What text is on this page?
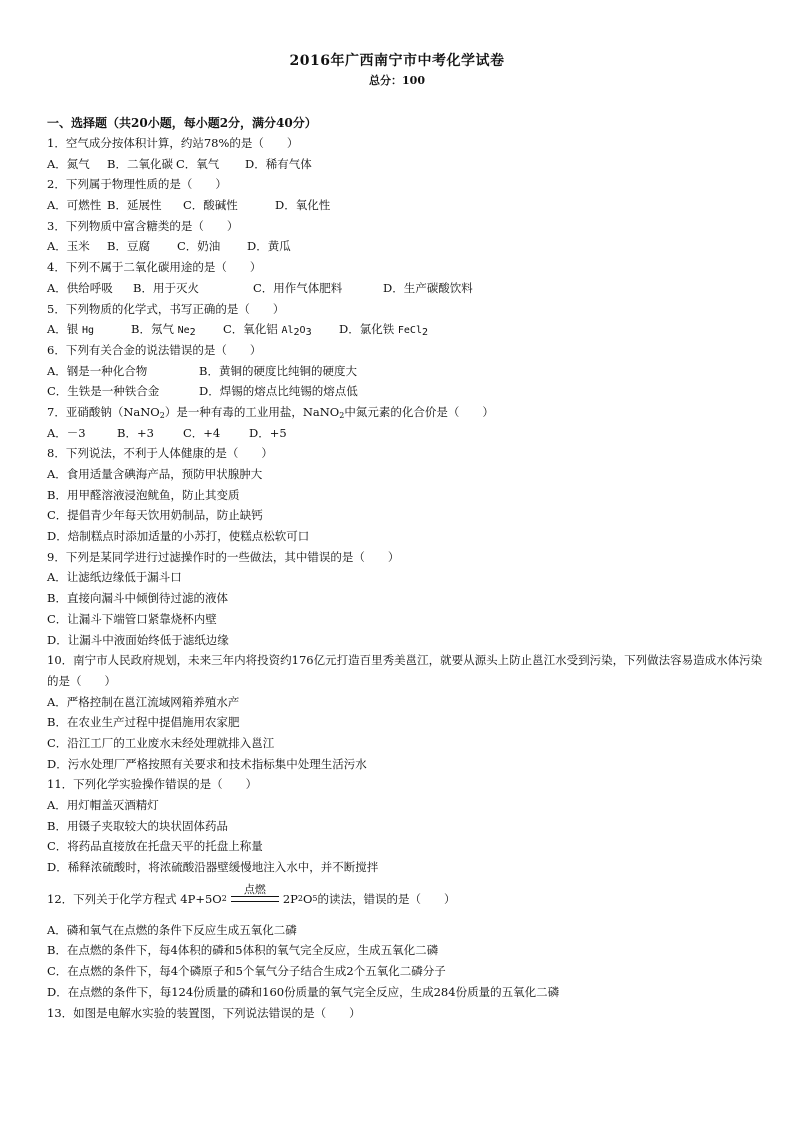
2016年广西南宁市中考化学试卷
总分：100
一、选择题（共20小题，每小题2分，满分40分）
1．空气成分按体积计算，约站78%的是（　　）
A．氮气 B．二氧化碳 C．氧气 D．稀有气体
2．下列属于物理性质的是（　　）
A．可燃性 B．延展性 C．酸碱性	D．氧化性
3．下列物质中富含糖类的是（　　）
A．玉米 B．豆腐 C．奶油 D．黄瓜
4．下列不属于二氧化碳用途的是（　　）
A．供给呼吸 B．用于灭火	C．用作气体肥料	D．生产碳酸饮料
5．下列物质的化学式，书写正确的是（　　）
A．银 Hg	B．氖气 $Ne_2$ C．氧化铝 $Al_2O_3$ D．氯化铁 FeCl$_2$
6．下列有关合金的说法错误的是（　　）
A．钢是一种化合物	B．黄铜的硬度比纯铜的硬度大
C．生铁是一种铁合金	D．焊锡的熔点比纯锡的熔点低
7．亚硝酸钠（NaNO$_2$）是一种有毒的工业用盐，NaNO$_2$中氮元素的化合价是（　　）
A．－3	B．+3	C．+4 D．+5
8．下列说法，不利于人体健康的是（　　）
A．食用适量含碘海产品，预防甲状腺肿大
B．用甲醛溶液浸泡鱿鱼，防止其变质
C．提倡青少年每天饮用奶制品，防止缺钙
D．焙制糕点时添加适量的小苏打，使糕点松软可口
9．下列是某同学进行过滤操作时的一些做法，其中错误的是（　　）
A．让滤纸边缘低于漏斗口
B．直接向漏斗中倾倒待过滤的液体
C．让漏斗下端管口紧靠烧杯内壁
D．让漏斗中液面始终低于滤纸边缘
10．南宁市人民政府规划，未来三年内将投资约176亿元打造百里秀美邕江，就要从源头上防止邕江水受到污染，下列做法容易造成水体污染的是（　　）
A．严格控制在邕江流域网箱养殖水产
B．在农业生产过程中提倡施用农家肥
C．沿江工厂的工业废水未经处理就排入邕江
D．污水处理厂严格按照有关要求和技术指标集中处理生活污水
11．下列化学实验操作错误的是（　　）
A．用灯帽盖灭酒精灯
B．用镊子夹取较大的块状固体药品
C．将药品直接放在托盘天平的托盘上称量
D．稀释浓硫酸时，将浓硫酸沿器壁缓慢地注入水中，并不断搅拌
12．下列关于化学方程式 4P+5O 2
点燃
2P 2 O 5 的读法，错误的是（　　）
A．磷和氧气在点燃的条件下反应生成五氧化二磷
B．在点燃的条件下，每4体积的磷和5体积的氧气完全反应，生成五氧化二磷
C．在点燃的条件下，每4个磷原子和5个氧气分子结合生成2个五氧化二磷分子
D．在点燃的条件下，每124份质量的磷和160份质量的氧气完全反应，生成284份质量的五氧化二磷
13．如图是电解水实验的装置图，下列说法错误的是（　　）
